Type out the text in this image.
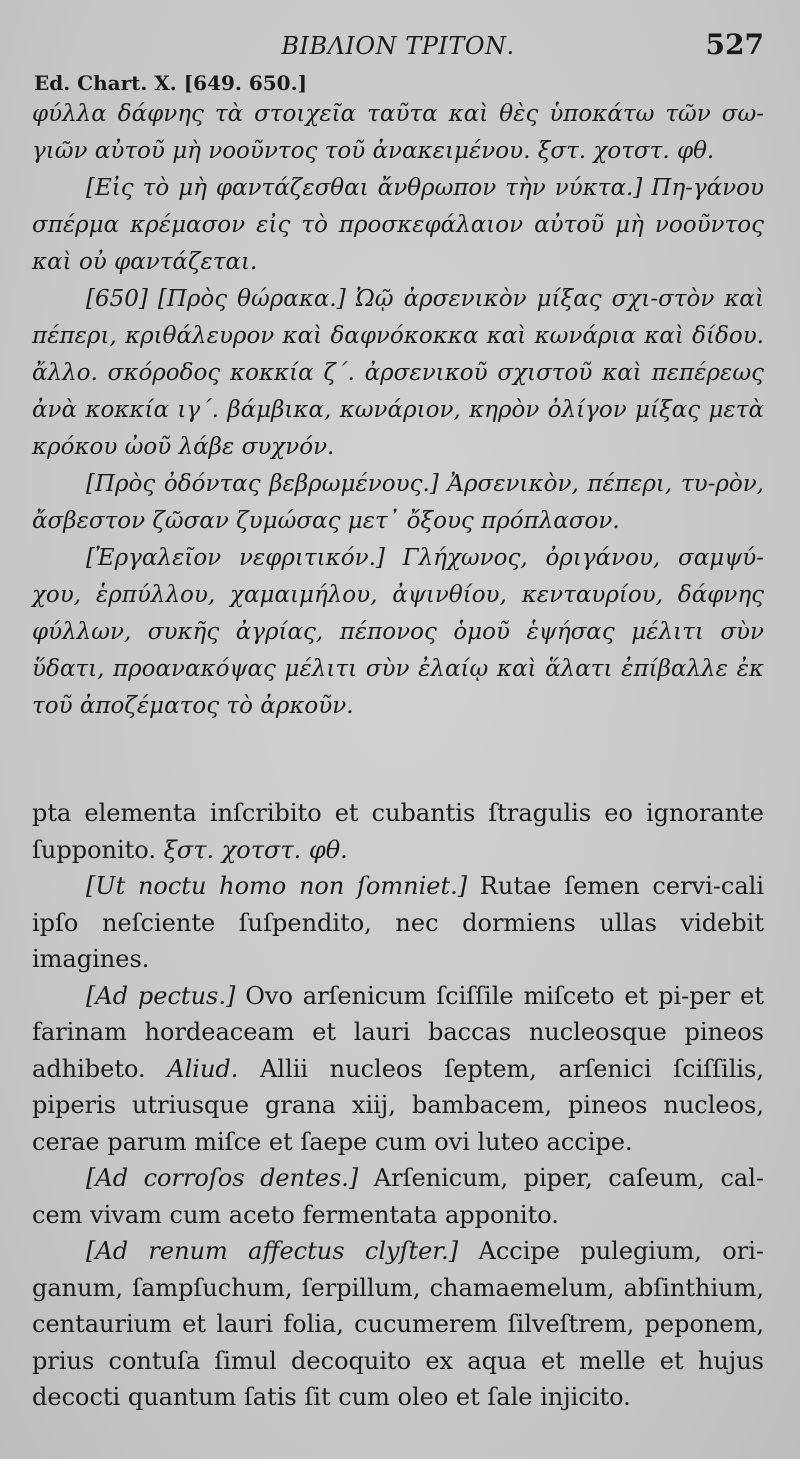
ΒΙΒΛΙΟΝ ΤΡΙΤΟΝ.	527
Ed. Chart. X. [649. 650.]

φύλλα δάφνης τὰ στοιχεῖα ταῦτα καὶ θὲς ὑποκάτω τῶν σω-γιῶν αὐτοῦ μὴ νοοῦντος τοῦ ἀνακειμένου. ξστ. χοτστ. φθ.

[Εἰς τὸ μὴ φαντάζεσθαι ἄνθρωπον τὴν νύκτα.] Πη-γάνου σπέρμα κρέμασον εἰς τὸ προσκεφάλαιον αὐτοῦ μὴ νοοῦντος καὶ οὐ φαντάζεται.

[650] [Πρὸς θώρακα.] Ὠῷ ἀρσενικὸν μίξας σχι-στὸν καὶ πέπερι, κριθάλευρον καὶ δαφνόκοκκα καὶ κωνάρια καὶ δίδου. ἄλλο. σκόροδος κοκκία ζ΄. ἀρσενικοῦ σχιστοῦ καὶ πεπέρεως ἀνὰ κοκκία ιγ΄. βάμβικα, κωνάριον, κηρὸν ὀλίγον μίξας μετὰ κρόκου ὠοῦ λάβε συχνόν.

[Πρὸς ὀδόντας βεβρωμένους.] Ἀρσενικὸν, πέπερι, τυ-ρὸν, ἄσβεστον ζῶσαν ζυμώσας μετ᾽ ὄξους πρόπλασον.

[Ἐργαλεῖον νεφριτικόν.] Γλήχωνος, ὀριγάνου, σαμψύ-χου, ἑρπύλλου, χαμαιμήλου, ἀψινθίου, κενταυρίου, δάφνης φύλλων, συκῆς ἀγρίας, πέπονος ὁμοῦ ἑψήσας μέλιτι σὺν ὕδατι, προανακόψας μέλιτι σὺν ἐλαίῳ καὶ ἅλατι ἐπίβαλλε ἐκ τοῦ ἀποζέματος τὸ ἀρκοῦν.

pta elementa inſcribito et cubantis ſtragulis eo ignorante ſupponito. ξστ. χοτστ. φθ.

[Ut noctu homo non ſomniet.] Rutae ſemen cervi-cali ipſo neſciente ſuſpendito, nec dormiens ullas videbit imagines.

[Ad pectus.] Ovo arſenicum ſciſſile miſceto et pi-per et farinam hordeaceam et lauri baccas nucleosque pineos adhibeto. Aliud. Allii nucleos ſeptem, arſenici ſciſſilis, piperis utriusque grana xiij, bambacem, pineos nucleos, cerae parum miſce et ſaepe cum ovi luteo accipe.

[Ad corroſos dentes.] Arſenicum, piper, caſeum, cal-cem vivam cum aceto fermentata apponito.

[Ad renum affectus clyſter.] Accipe pulegium, ori-ganum, ſampſuchum, ſerpillum, chamaemelum, abſinthium, centaurium et lauri folia, cucumerem ſilveſtrem, peponem, prius contuſa ſimul decoquito ex aqua et melle et hujus decocti quantum ſatis ſit cum oleo et ſale injicito.
